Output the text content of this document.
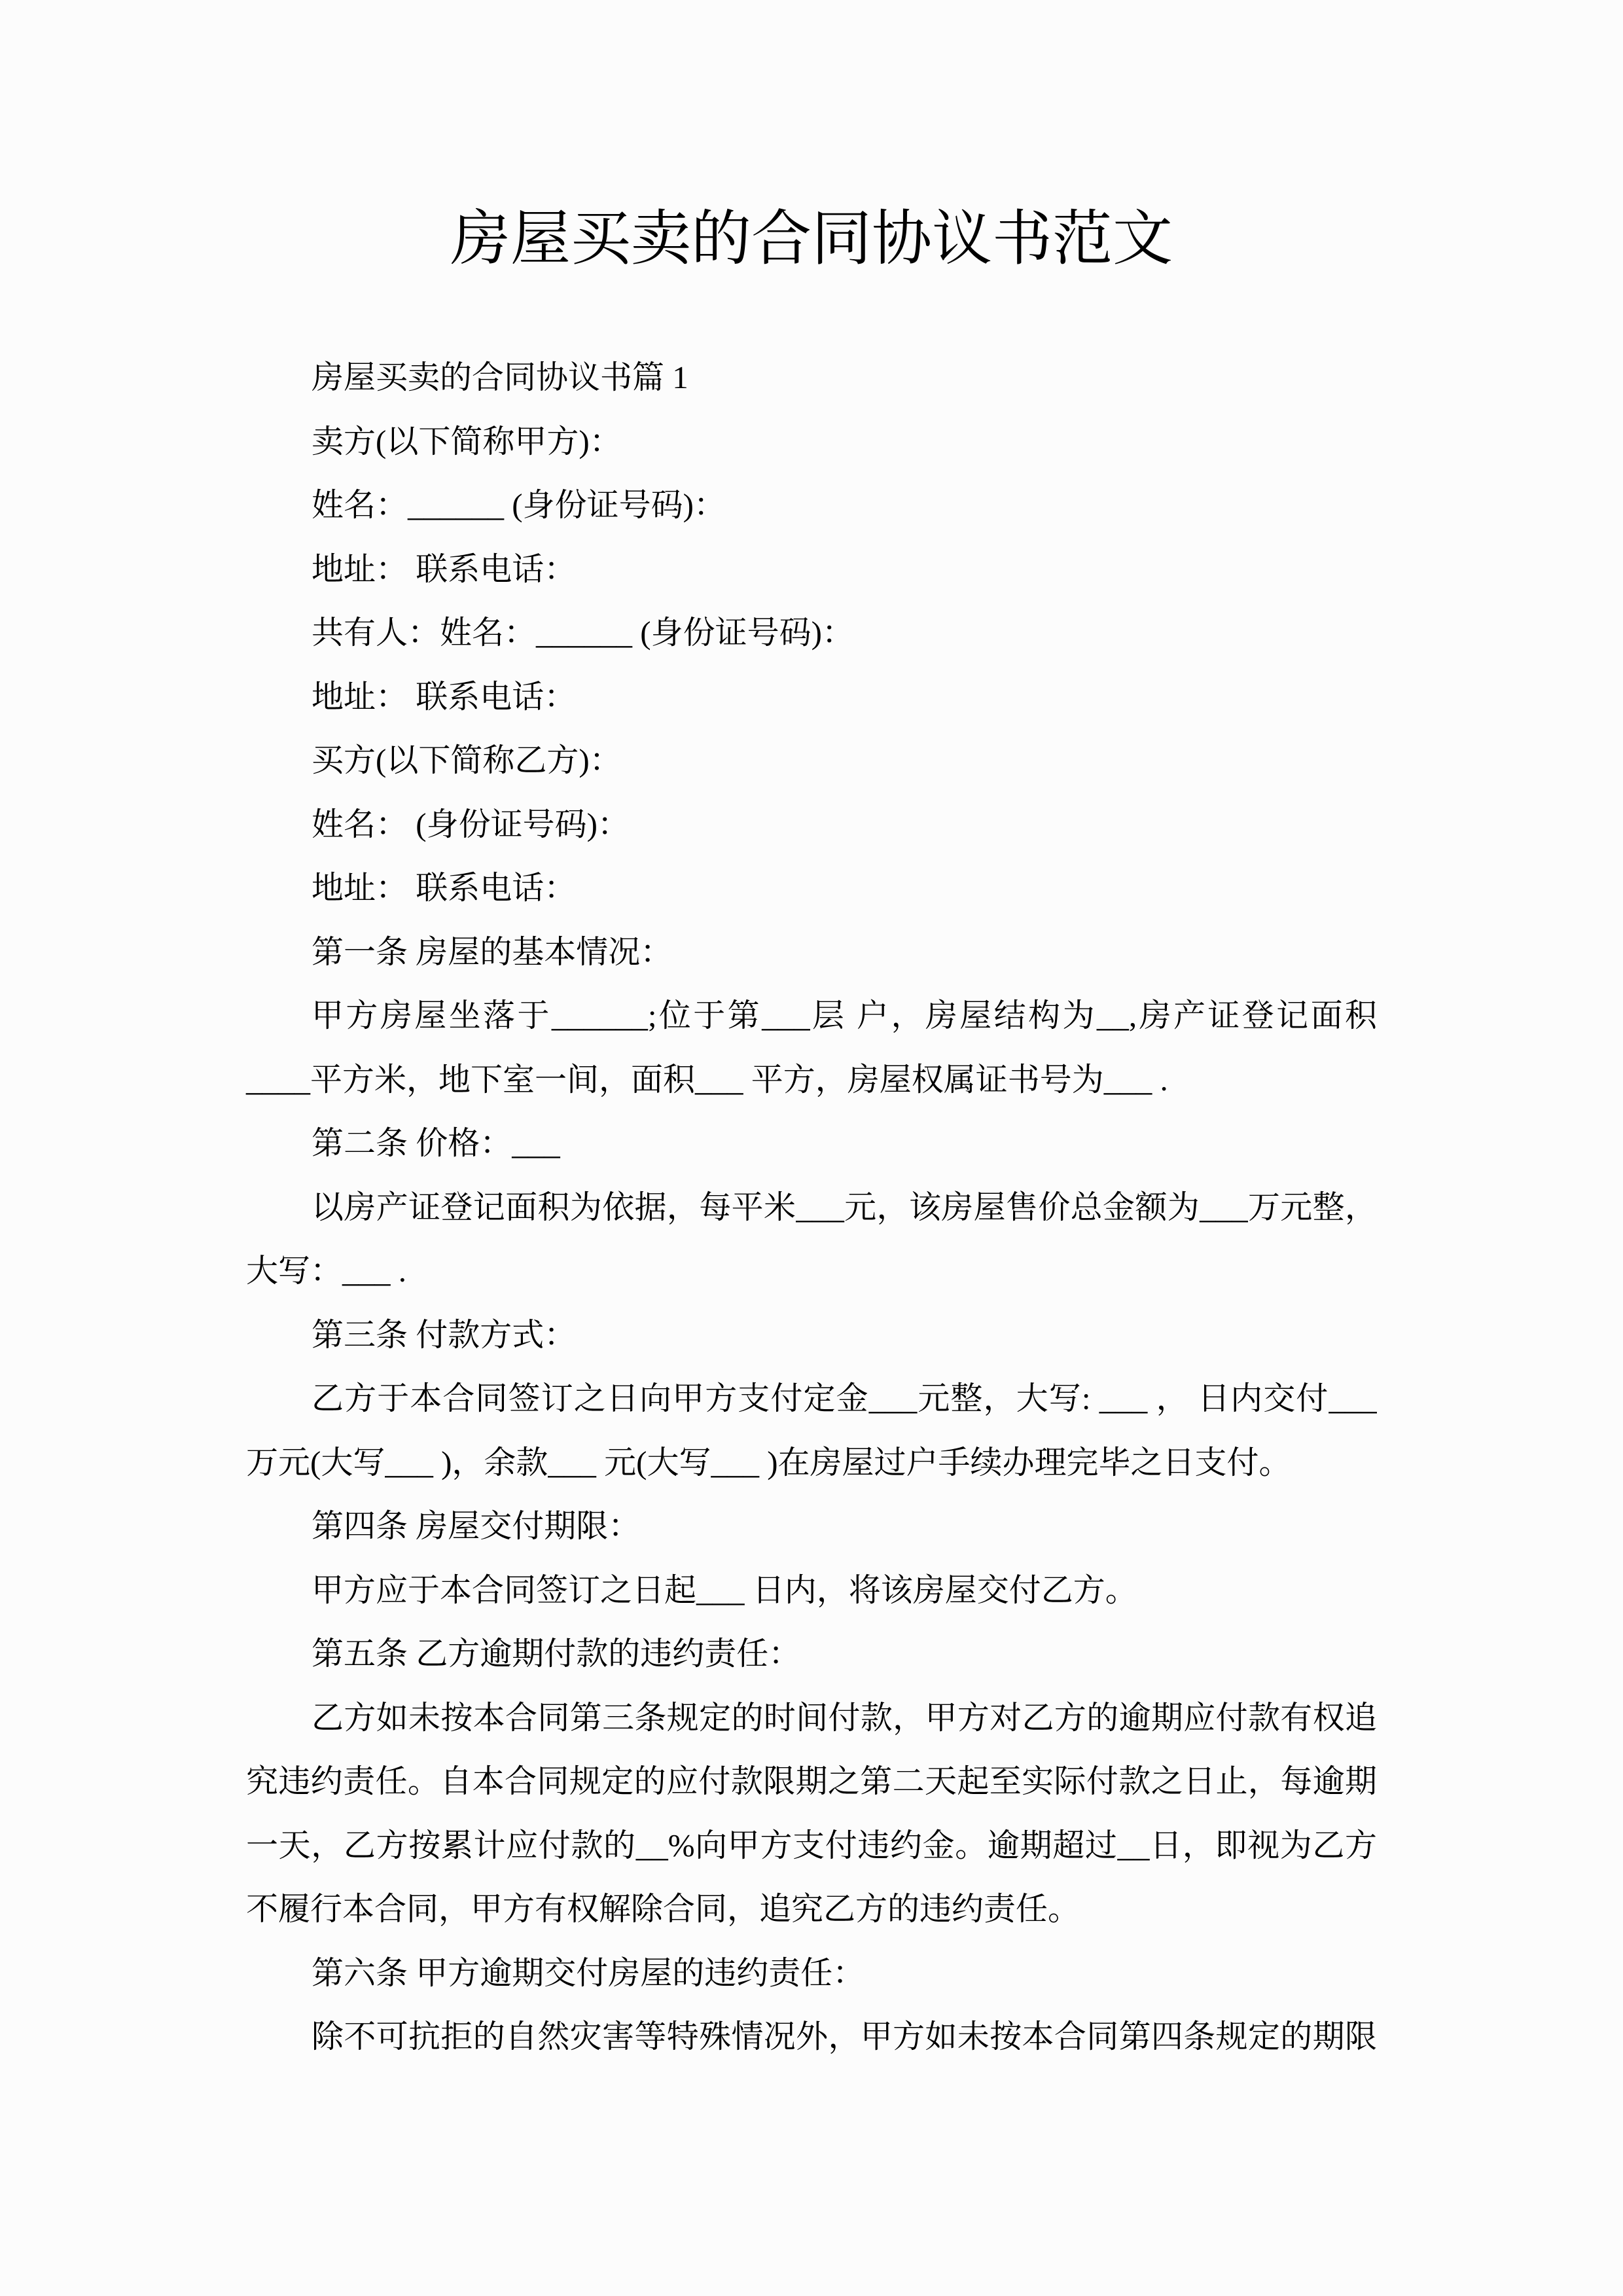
房屋买卖的合同协议书范文
房屋买卖的合同协议书篇 1
卖方(以下简称甲方)：
姓名：______ (身份证号码)：
地址： 联系电话：
共有人：姓名：______ (身份证号码)：
地址： 联系电话：
买方(以下简称乙方)：
姓名： (身份证号码)：
地址： 联系电话：
第一条 房屋的基本情况：
甲方房屋坐落于______;位于第___层 户，房屋结构为__,房产证登记面积
____平方米，地下室一间，面积___ 平方，房屋权属证书号为___ .
第二条 价格：___
以房产证登记面积为依据，每平米___元，该房屋售价总金额为___万元整，
大写：___ .
第三条 付款方式：
乙方于本合同签订之日向甲方支付定金___元整，大写: ___ ， 日内交付___
万元(大写___ )，余款___ 元(大写___ )在房屋过户手续办理完毕之日支付。
第四条 房屋交付期限：
甲方应于本合同签订之日起___ 日内，将该房屋交付乙方。
第五条 乙方逾期付款的违约责任：
乙方如未按本合同第三条规定的时间付款，甲方对乙方的逾期应付款有权追
究违约责任。自本合同规定的应付款限期之第二天起至实际付款之日止，每逾期
一天，乙方按累计应付款的__%向甲方支付违约金。逾期超过__日，即视为乙方
不履行本合同，甲方有权解除合同，追究乙方的违约责任。
第六条 甲方逾期交付房屋的违约责任：
除不可抗拒的自然灾害等特殊情况外，甲方如未按本合同第四条规定的期限
